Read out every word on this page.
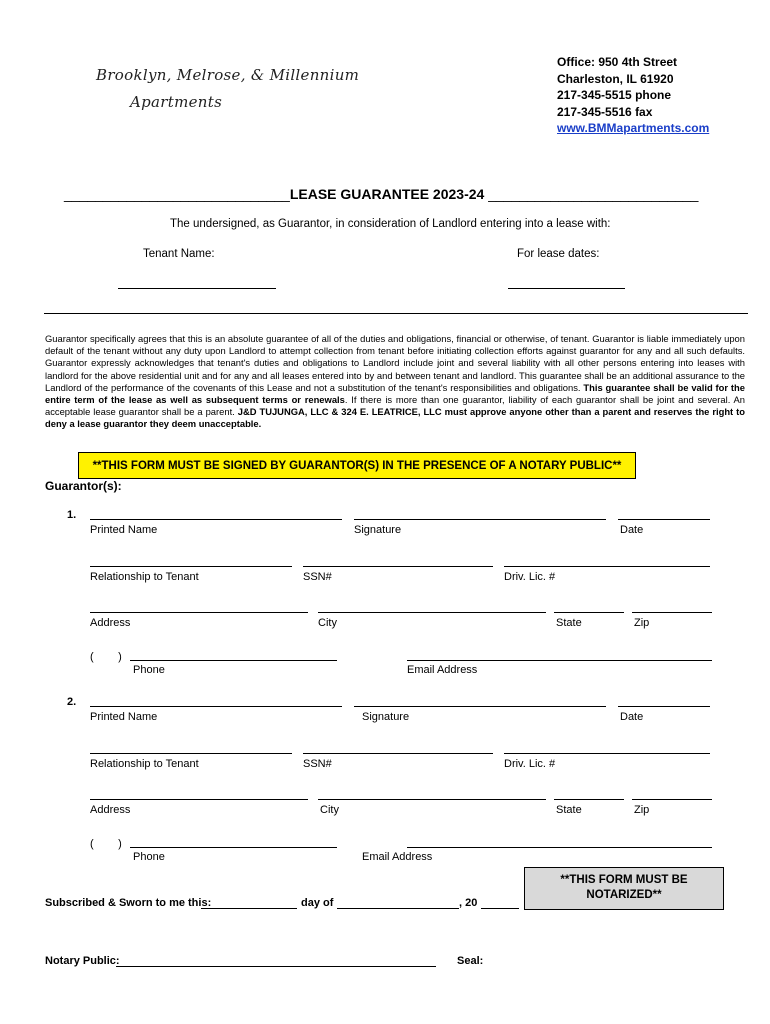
Brooklyn, Melrose, & Millennium
Apartments
Office: 950 4th Street
Charleston, IL 61920
217-345-5515 phone
217-345-5516 fax
www.BMMapartments.com
_____________________________LEASE GUARANTEE 2023-24 ___________________________
The undersigned, as Guarantor, in consideration of Landlord entering into a lease with:
Tenant Name:	For lease dates:
Guarantor specifically agrees that this is an absolute guarantee of all of the duties and obligations, financial or otherwise, of tenant. Guarantor is liable immediately upon default of the tenant without any duty upon Landlord to attempt collection from tenant before initiating collection efforts against guarantor for any and all such defaults. Guarantor expressly acknowledges that tenant's duties and obligations to Landlord include joint and several liability with all other persons entering into leases with landlord for the above residential unit and for any and all leases entered into by and between tenant and landlord. This guarantee shall be an additional assurance to the Landlord of the performance of the covenants of this Lease and not a substitution of the tenant's responsibilities and obligations. This guarantee shall be valid for the entire term of the lease as well as subsequent terms or renewals. If there is more than one guarantor, liability of each guarantor shall be joint and several. An acceptable lease guarantor shall be a parent. J&D TUJUNGA, LLC & 324 E. LEATRICE, LLC must approve anyone other than a parent and reserves the right to deny a lease guarantor they deem unacceptable.
**THIS FORM MUST BE SIGNED BY GUARANTOR(S) IN THE PRESENCE OF A NOTARY PUBLIC**
Guarantor(s):
1.
Printed Name	Signature	Date
Relationship to Tenant	SSN#	Driv. Lic. #
Address	City	State	Zip
(        )
Phone	Email Address
2.
Printed Name	Signature	Date
Relationship to Tenant	SSN#	Driv. Lic. #
Address	City	State	Zip
(        )
Phone	Email Address
**THIS FORM MUST BE NOTARIZED**
Subscribed & Sworn to me this:	day of	, 20
Notary Public:	Seal:
